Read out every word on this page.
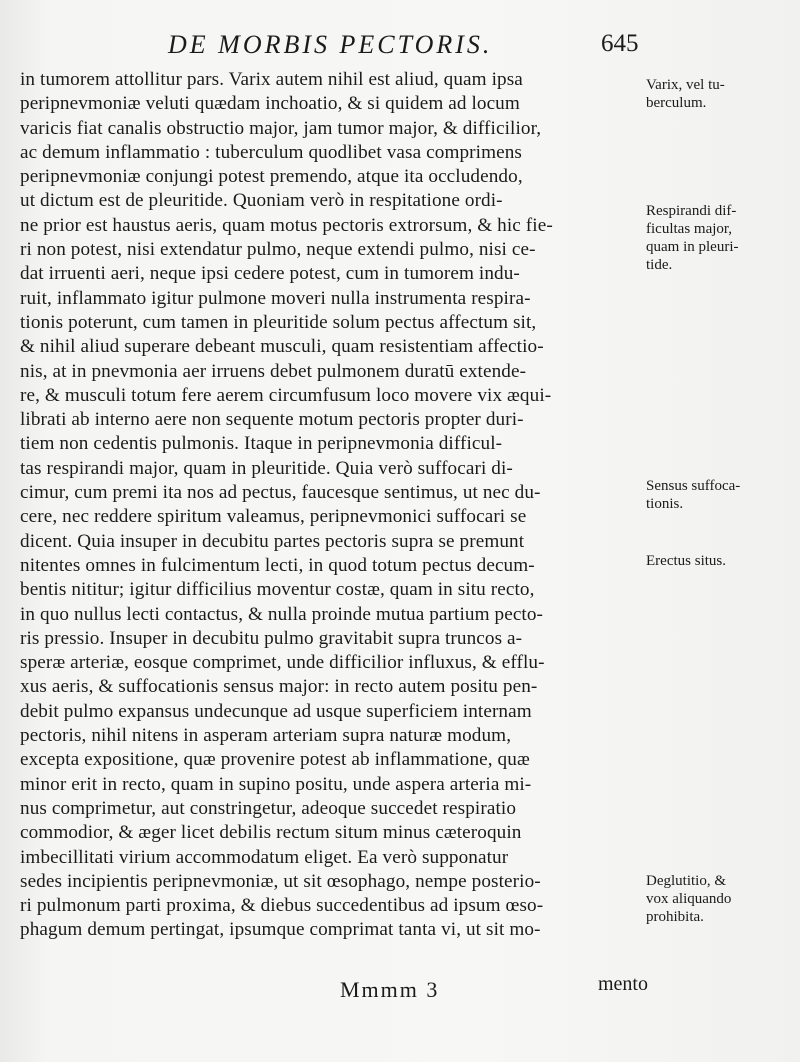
DE MORBIS PECTORIS.	645
in tumorem attollitur pars. Varix autem nihil est aliud, quam ipsa
peripnevmoniæ veluti quædam inchoatio, & si quidem ad locum
varicis fiat canalis obstructio major, jam tumor major, & difficilior,
ac demum inflammatio : tuberculum quodlibet vasa comprimens
peripnevmoniæ conjungi potest premendo, atque ita occludendo,
ut dictum est de pleuritide. Quoniam verò in respitatione ordi-
ne prior est haustus aeris, quam motus pectoris extrorsum, & hic fie-
ri non potest, nisi extendatur pulmo, neque extendi pulmo, nisi ce-
dat irruenti aeri, neque ipsi cedere potest, cum in tumorem indu-
ruit, inflammato igitur pulmone moveri nulla instrumenta respira-
tionis poterunt, cum tamen in pleuritide solum pectus affectum sit,
& nihil aliud superare debeant musculi, quam resistentiam affectio-
nis, at in pnevmonia aer irruens debet pulmonem duratū extende-
re, & musculi totum fere aerem circumfusum loco movere vix æqui-
librati ab interno aere non sequente motum pectoris propter duri-
tiem non cedentis pulmonis. Itaque in peripnevmonia difficul-
tas respirandi major, quam in pleuritide. Quia verò suffocari di-
cimur, cum premi ita nos ad pectus, faucesque sentimus, ut nec du-
cere, nec reddere spiritum valeamus, peripnevmonici suffocari se
dicent. Quia insuper in decubitu partes pectoris supra se premunt
nitentes omnes in fulcimentum lecti, in quod totum pectus decum-
bentis nititur; igitur difficilius moventur costæ, quam in situ recto,
in quo nullus lecti contactus, & nulla proinde mutua partium pecto-
ris pressio. Insuper in decubitu pulmo gravitabit supra truncos a-
speræ arteriæ, eosque comprimet, unde difficilior influxus, & efflu-
xus aeris, & suffocationis sensus major: in recto autem positu pen-
debit pulmo expansus undecunque ad usque superficiem internam
pectoris, nihil nitens in asperam arteriam supra naturæ modum,
excepta expositione, quæ provenire potest ab inflammatione, quæ
minor erit in recto, quam in supino positu, unde aspera arteria mi-
nus comprimetur, aut constringetur, adeoque succedet respiratio
commodior, & æger licet debilis rectum situm minus cæteroquin
imbecillitati virium accommodatum eliget. Ea verò supponatur
sedes incipientis peripnevmoniæ, ut sit œsophago, nempe posterio-
ri pulmonum parti proxima, & diebus succedentibus ad ipsum œso-
phagum demum pertingat, ipsumque comprimat tanta vi, ut sit mo-
Varix, vel tu-
berculum.
Respirandi dif-
ficultas major,
quam in pleuri-
tide.
Sensus suffoca-
tionis.
Erectus situs.
Deglutitio, &
vox aliquando
prohibita.
Mmmm 3	mento
